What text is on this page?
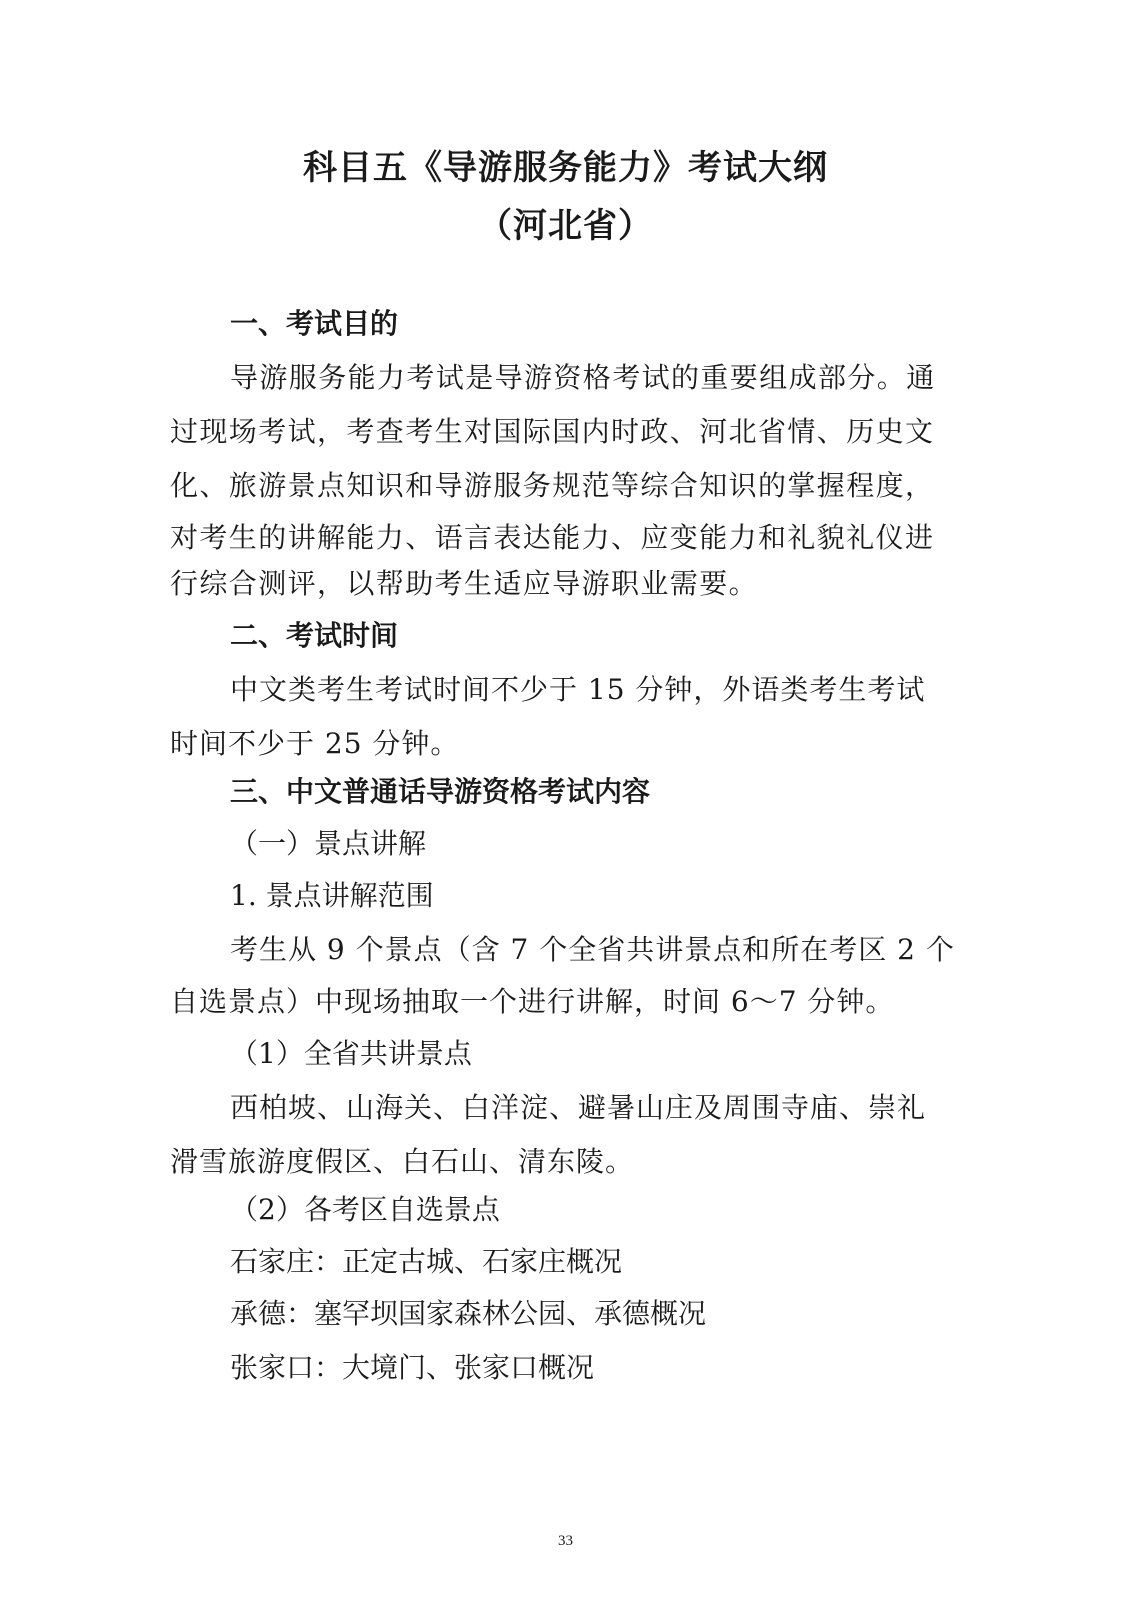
科目五《导游服务能力》考试大纲
（河北省）
一、考试目的
导游服务能力考试是导游资格考试的重要组成部分。通
过现场考试，考查考生对国际国内时政、河北省情、历史文
化、旅游景点知识和导游服务规范等综合知识的掌握程度，
对考生的讲解能力、语言表达能力、应变能力和礼貌礼仪进
行综合测评，以帮助考生适应导游职业需要。
二、考试时间
中文类考生考试时间不少于 15 分钟，外语类考生考试
时间不少于 25 分钟。
三、中文普通话导游资格考试内容
（一）景点讲解
1. 景点讲解范围
考生从 9 个景点（含 7 个全省共讲景点和所在考区 2 个
自选景点）中现场抽取一个进行讲解，时间 6～7 分钟。
（1）全省共讲景点
西柏坡、山海关、白洋淀、避暑山庄及周围寺庙、崇礼
滑雪旅游度假区、白石山、清东陵。
（2）各考区自选景点
石家庄：正定古城、石家庄概况
承德：塞罕坝国家森林公园、承德概况
张家口：大境门、张家口概况
33
